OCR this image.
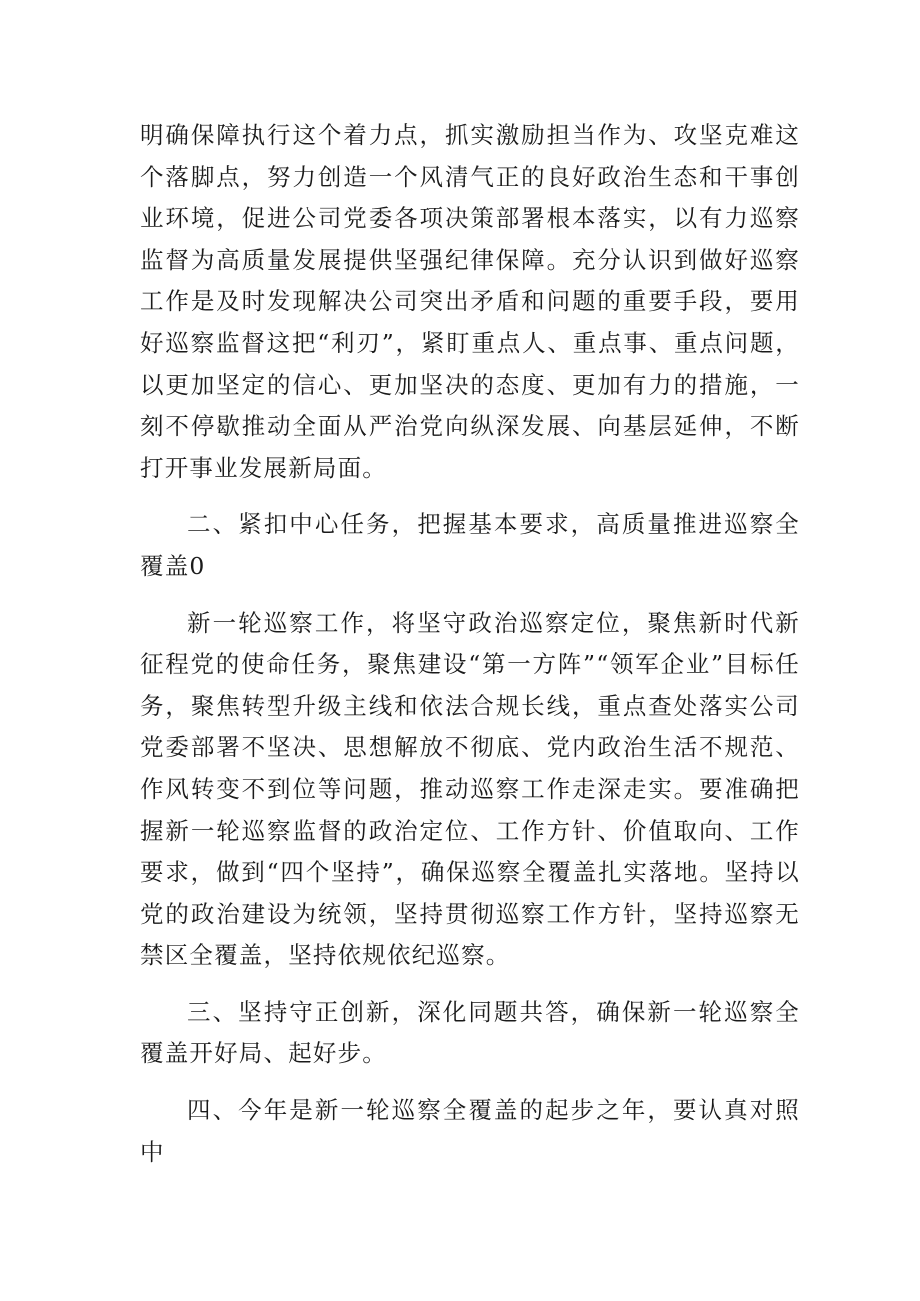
明确保障执行这个着力点，抓实激励担当作为、攻坚克难这个落脚点，努力创造一个风清气正的良好政治生态和干事创业环境，促进公司党委各项决策部署根本落实，以有力巡察监督为高质量发展提供坚强纪律保障。充分认识到做好巡察工作是及时发现解决公司突出矛盾和问题的重要手段，要用好巡察监督这把“利刃”，紧盯重点人、重点事、重点问题，以更加坚定的信心、更加坚决的态度、更加有力的措施，一刻不停歇推动全面从严治党向纵深发展、向基层延伸，不断打开事业发展新局面。

二、紧扣中心任务，把握基本要求，高质量推进巡察全覆盖0

新一轮巡察工作，将坚守政治巡察定位，聚焦新时代新征程党的使命任务，聚焦建设“第一方阵”“领军企业”目标任务，聚焦转型升级主线和依法合规长线，重点查处落实公司党委部署不坚决、思想解放不彻底、党内政治生活不规范、作风转变不到位等问题，推动巡察工作走深走实。要准确把握新一轮巡察监督的政治定位、工作方针、价值取向、工作要求，做到“四个坚持”，确保巡察全覆盖扎实落地。坚持以党的政治建设为统领，坚持贯彻巡察工作方针，坚持巡察无禁区全覆盖，坚持依规依纪巡察。

三、坚持守正创新，深化同题共答，确保新一轮巡察全覆盖开好局、起好步。

四、今年是新一轮巡察全覆盖的起步之年，要认真对照中
